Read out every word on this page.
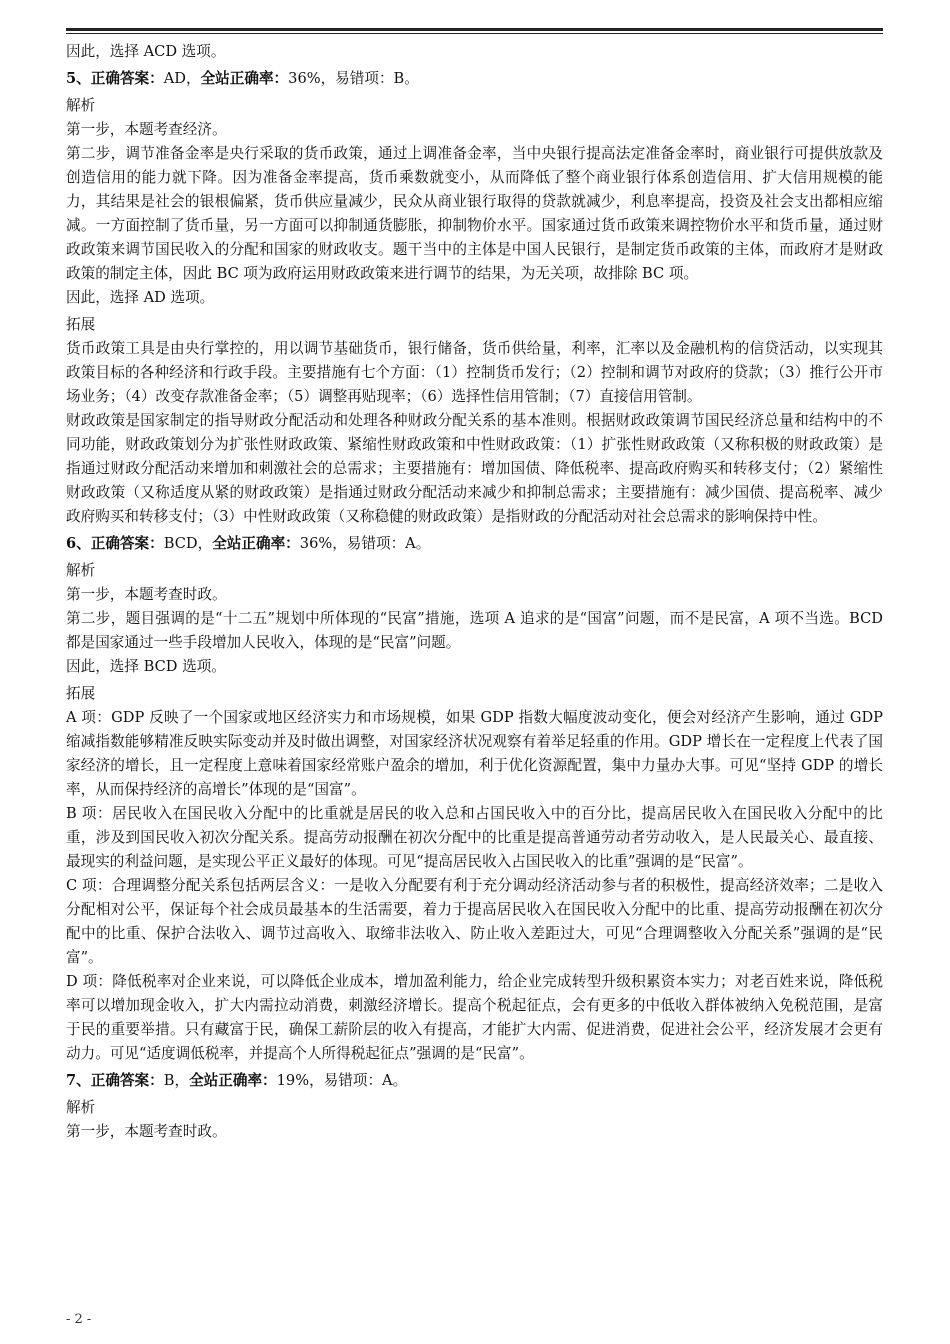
因此，选择 ACD 选项。
5、正确答案：AD，全站正确率：36%，易错项：B。
解析
第一步，本题考查经济。
第二步，调节准备金率是央行采取的货币政策，通过上调准备金率，当中央银行提高法定准备金率时，商业银行可提供放款及创造信用的能力就下降。因为准备金率提高，货币乘数就变小，从而降低了整个商业银行体系创造信用、扩大信用规模的能力，其结果是社会的银根偏紧，货币供应量减少，民众从商业银行取得的贷款就减少，利息率提高，投资及社会支出都相应缩减。一方面控制了货币量，另一方面可以抑制通货膨胀，抑制物价水平。国家通过货币政策来调控物价水平和货币量，通过财政政策来调节国民收入的分配和国家的财政收支。题干当中的主体是中国人民银行，是制定货币政策的主体，而政府才是财政政策的制定主体，因此 BC 项为政府运用财政政策来进行调节的结果，为无关项，故排除 BC 项。
因此，选择 AD 选项。
拓展
货币政策工具是由央行掌控的，用以调节基础货币，银行储备，货币供给量，利率，汇率以及金融机构的信贷活动，以实现其政策目标的各种经济和行政手段。主要措施有七个方面：（1）控制货币发行；（2）控制和调节对政府的贷款；（3）推行公开市场业务；（4）改变存款准备金率；（5）调整再贴现率；（6）选择性信用管制；（7）直接信用管制。
财政政策是国家制定的指导财政分配活动和处理各种财政分配关系的基本准则。根据财政政策调节国民经济总量和结构中的不同功能，财政政策划分为扩张性财政政策、紧缩性财政政策和中性财政政策：（1）扩张性财政政策（又称积极的财政政策）是指通过财政分配活动来增加和刺激社会的总需求；主要措施有：增加国债、降低税率、提高政府购买和转移支付；（2）紧缩性财政政策（又称适度从紧的财政政策）是指通过财政分配活动来减少和抑制总需求；主要措施有：减少国债、提高税率、减少政府购买和转移支付；（3）中性财政政策（又称稳健的财政政策）是指财政的分配活动对社会总需求的影响保持中性。
6、正确答案：BCD，全站正确率：36%，易错项：A。
解析
第一步，本题考查时政。
第二步，题目强调的是“十二五”规划中所体现的“民富”措施，选项 A 追求的是“国富”问题，而不是民富，A 项不当选。BCD 都是国家通过一些手段增加人民收入，体现的是“民富”问题。
因此，选择 BCD 选项。
拓展
A 项：GDP 反映了一个国家或地区经济实力和市场规模，如果 GDP 指数大幅度波动变化，便会对经济产生影响，通过 GDP 缩减指数能够精准反映实际变动并及时做出调整，对国家经济状况观察有着举足轻重的作用。GDP 增长在一定程度上代表了国家经济的增长，且一定程度上意味着国家经常账户盈余的增加，利于优化资源配置，集中力量办大事。可见“坚持 GDP 的增长率，从而保持经济的高增长”体现的是“国富”。
B 项：居民收入在国民收入分配中的比重就是居民的收入总和占国民收入中的百分比，提高居民收入在国民收入分配中的比重，涉及到国民收入初次分配关系。提高劳动报酬在初次分配中的比重是提高普通劳动者劳动收入，是人民最关心、最直接、最现实的利益问题，是实现公平正义最好的体现。可见“提高居民收入占国民收入的比重”强调的是“民富”。
C 项：合理调整分配关系包括两层含义：一是收入分配要有利于充分调动经济活动参与者的积极性，提高经济效率；二是收入分配相对公平，保证每个社会成员最基本的生活需要，着力于提高居民收入在国民收入分配中的比重、提高劳动报酬在初次分配中的比重、保护合法收入、调节过高收入、取缔非法收入、防止收入差距过大，可见“合理调整收入分配关系”强调的是“民富”。
D 项：降低税率对企业来说，可以降低企业成本，增加盈利能力，给企业完成转型升级积累资本实力；对老百姓来说，降低税率可以增加现金收入，扩大内需拉动消费，刺激经济增长。提高个税起征点，会有更多的中低收入群体被纳入免税范围，是富于民的重要举措。只有藏富于民，确保工薪阶层的收入有提高，才能扩大内需、促进消费，促进社会公平，经济发展才会更有动力。可见“适度调低税率，并提高个人所得税起征点”强调的是“民富”。
7、正确答案：B，全站正确率：19%，易错项：A。
解析
第一步，本题考查时政。
- 2 -
